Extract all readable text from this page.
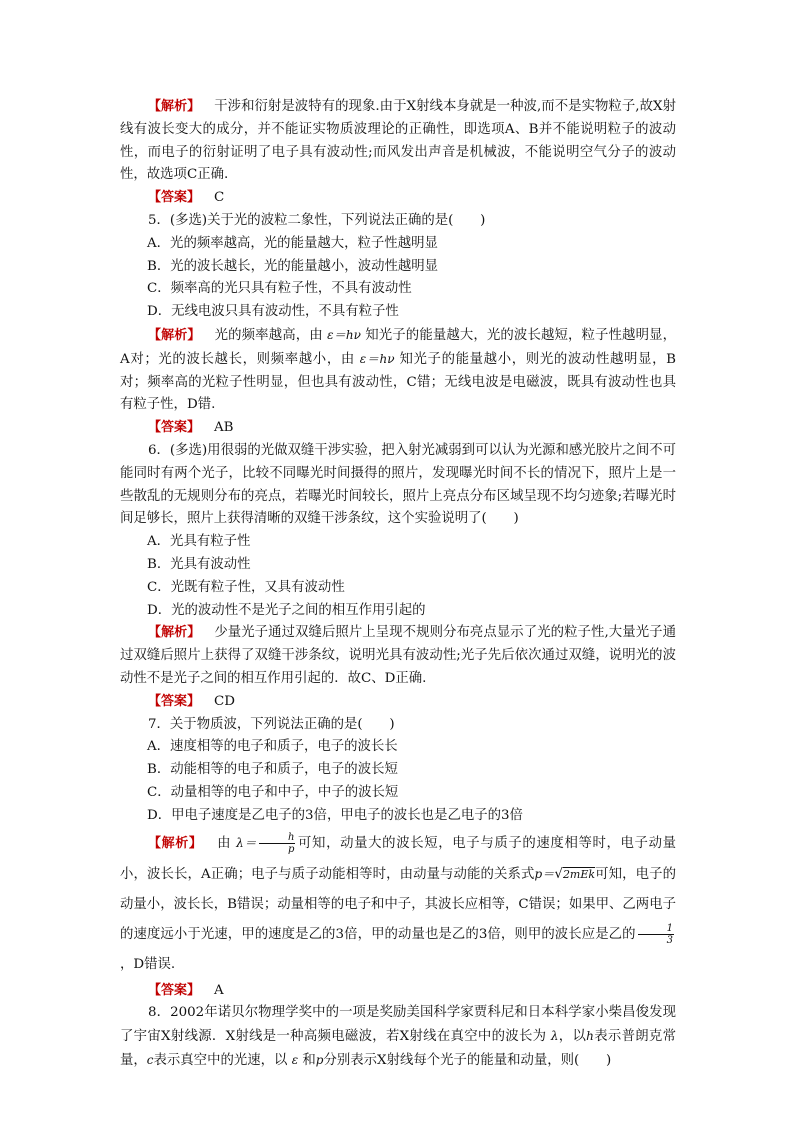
【解析】 干涉和衍射是波特有的现象.由于X射线本身就是一种波,而不是实物粒子,故X射线有波长变大的成分，并不能证实物质波理论的正确性，即选项A、B并不能说明粒子的波动性，而电子的衍射证明了电子具有波动性;而风发出声音是机械波，不能说明空气分子的波动性，故选项C正确.

【答案】 C

5．(多选)关于光的波粒二象性，下列说法正确的是(　　)

A．光的频率越高，光的能量越大，粒子性越明显

B．光的波长越长，光的能量越小，波动性越明显

C．频率高的光只具有粒子性，不具有波动性

D．无线电波只具有波动性，不具有粒子性

【解析】 光的频率越高，由 ε＝hν 知光子的能量越大，光的波长越短，粒子性越明显，A对；光的波长越长，则频率越小，由 ε＝hν 知光子的能量越小，则光的波动性越明显，B对；频率高的光粒子性明显，但也具有波动性，C错；无线电波是电磁波，既具有波动性也具有粒子性，D错.

【答案】 AB

6．(多选)用很弱的光做双缝干涉实验，把入射光减弱到可以认为光源和感光胶片之间不可能同时有两个光子，比较不同曝光时间摄得的照片，发现曝光时间不长的情况下，照片上是一些散乱的无规则分布的亮点，若曝光时间较长，照片上亮点分布区域呈现不均匀迹象;若曝光时间足够长，照片上获得清晰的双缝干涉条纹，这个实验说明了(　　)

A．光具有粒子性

B．光具有波动性

C．光既有粒子性，又具有波动性

D．光的波动性不是光子之间的相互作用引起的

【解析】 少量光子通过双缝后照片上呈现不规则分布亮点显示了光的粒子性,大量光子通过双缝后照片上获得了双缝干涉条纹，说明光具有波动性;光子先后依次通过双缝，说明光的波动性不是光子之间的相互作用引起的．故C、D正确.

【答案】 CD

7．关于物质波，下列说法正确的是(　　)

A．速度相等的电子和质子，电子的波长长

B．动能相等的电子和质子，电子的波长短

C．动量相等的电子和中子，中子的波长短

D．甲电子速度是乙电子的3倍，甲电子的波长也是乙电子的3倍

【解析】 由 $\lambda= \frac{h}{p}$ 可知，动量大的波长短，电子与质子的速度相等时，电子动量小，波长长，A正确；电子与质子动能相等时，由动量与动能的关系式p＝√2mEk可知，电子的动量小，波长长，B错误；动量相等的电子和中子，其波长应相等，C错误；如果甲、乙两电子的速度远小于光速，甲的速度是乙的3倍，甲的动量也是乙的3倍，则甲的波长应是乙的 $\frac{1}{3}$
，D错误.

【答案】 A

8．2002年诺贝尔物理学奖中的一项是奖励美国科学家贾科尼和日本科学家小柴昌俊发现了宇宙X射线源．X射线是一种高频电磁波，若X射线在真空中的波长为 λ，以h表示普朗克常量，c表示真空中的光速，以 ε 和p分别表示X射线每个光子的能量和动量，则(　　)
